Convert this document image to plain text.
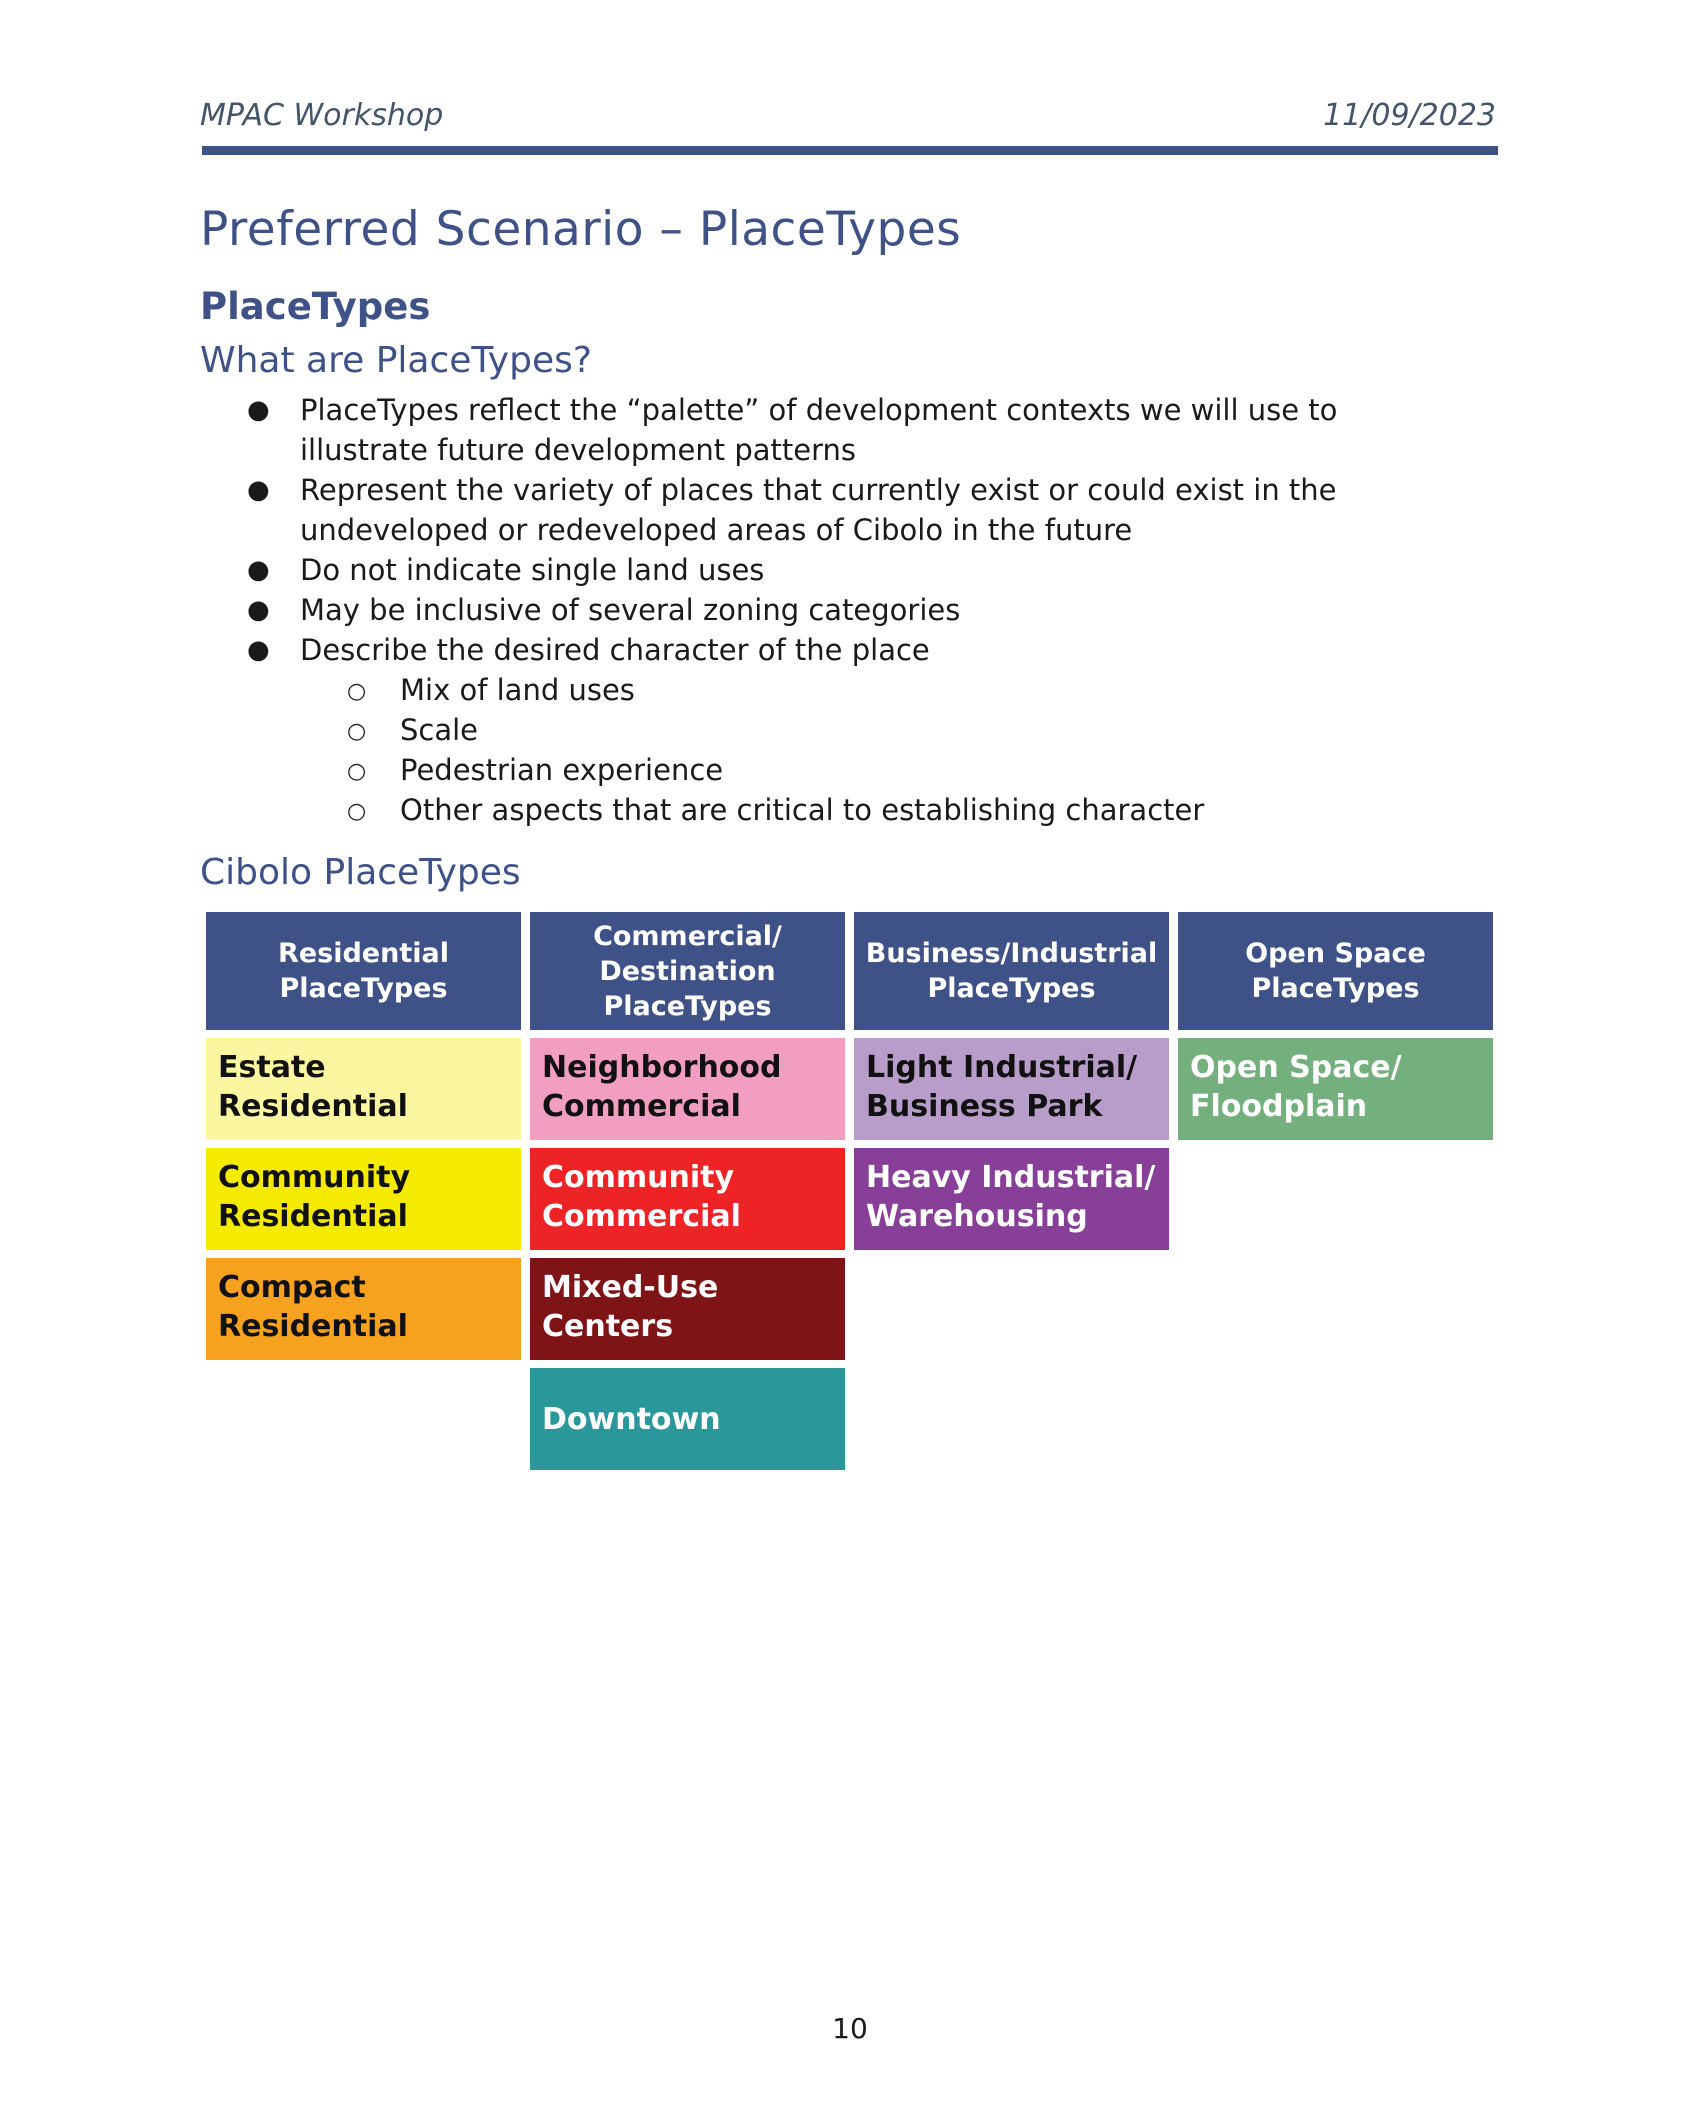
MPAC Workshop	11/09/2023
Preferred Scenario – PlaceTypes
PlaceTypes
What are PlaceTypes?
● PlaceTypes reflect the “palette” of development contexts we will use to illustrate future development patterns
● Represent the variety of places that currently exist or could exist in the undeveloped or redeveloped areas of Cibolo in the future
● Do not indicate single land uses
● May be inclusive of several zoning categories
● Describe the desired character of the place
○ Mix of land uses
○ Scale
○ Pedestrian experience
○ Other aspects that are critical to establishing character
Cibolo PlaceTypes
Residential PlaceTypes
Commercial/ Destination PlaceTypes
Business/Industrial PlaceTypes
Open Space PlaceTypes
Estate Residential
Community Residential
Compact Residential
Neighborhood Commercial
Community Commercial
Mixed-Use Centers
Downtown
Light Industrial/ Business Park
Heavy Industrial/ Warehousing
Open Space/ Floodplain
10
